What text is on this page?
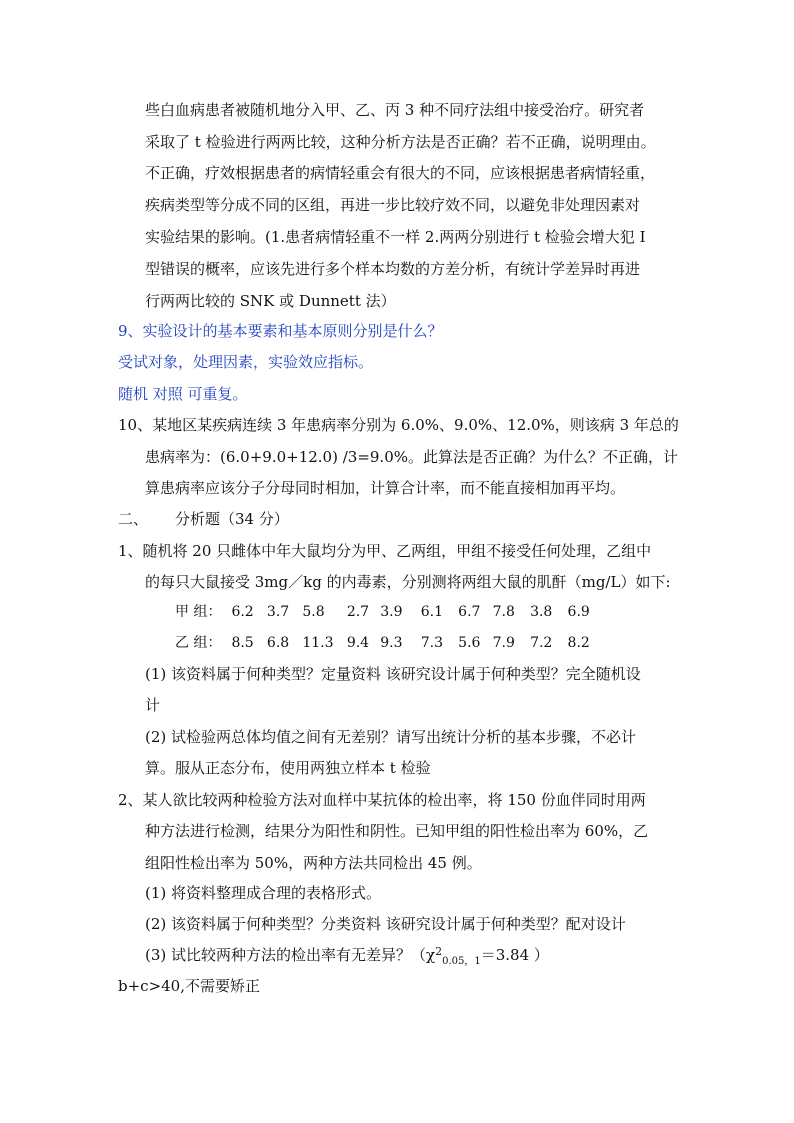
些白血病患者被随机地分入甲、乙、丙 3 种不同疗法组中接受治疗。研究者
采取了 t 检验进行两两比较，这种分析方法是否正确？若不正确，说明理由。
不正确，疗效根据患者的病情轻重会有很大的不同，应该根据患者病情轻重，
疾病类型等分成不同的区组，再进一步比较疗效不同，以避免非处理因素对
实验结果的影响。(1.患者病情轻重不一样 2.两两分别进行 t 检验会增大犯 I
型错误的概率，应该先进行多个样本均数的方差分析，有统计学差异时再进
行两两比较的 SNK 或 Dunnett 法）
9、实验设计的基本要素和基本原则分别是什么？
受试对象，处理因素，实验效应指标。
随机 对照 可重复。
10、某地区某疾病连续 3 年患病率分别为 6.0%、9.0%、12.0%，则该病 3 年总的
患病率为：(6.0+9.0+12.0) /3=9.0%。此算法是否正确？为什么？不正确，计
算患病率应该分子分母同时相加，计算合计率，而不能直接相加再平均。
二、 分析题（34 分）
1、随机将 20 只雌体中年大鼠均分为甲、乙两组，甲组不接受任何处理，乙组中
的每只大鼠接受 3mg／kg 的内毒素，分别测将两组大鼠的肌酐（mg/L）如下:
甲 组： 6.2 3.7 5.8 2.7 3.9 6.1 6.7 7.8 3.8 6.9
乙 组： 8.5 6.8 11.3 9.4 9.3 7.3 5.6 7.9 7.2 8.2
(1) 该资料属于何种类型？定量资料 该研究设计属于何种类型？完全随机设
计
(2) 试检验两总体均值之间有无差别？请写出统计分析的基本步骤，不必计
算。服从正态分布，使用两独立样本 t 检验
2、某人欲比较两种检验方法对血样中某抗体的检出率，将 150 份血伴同时用两
种方法进行检测，结果分为阳性和阴性。已知甲组的阳性检出率为 60%，乙
组阳性检出率为 50%，两种方法共同检出 45 例。
(1) 将资料整理成合理的表格形式。
(2) 该资料属于何种类型？分类资料 该研究设计属于何种类型？配对设计
(3) 试比较两种方法的检出率有无差异？（$\chi^2_{0.05,1}=3.84$ ）
b+c>40,不需要矫正
